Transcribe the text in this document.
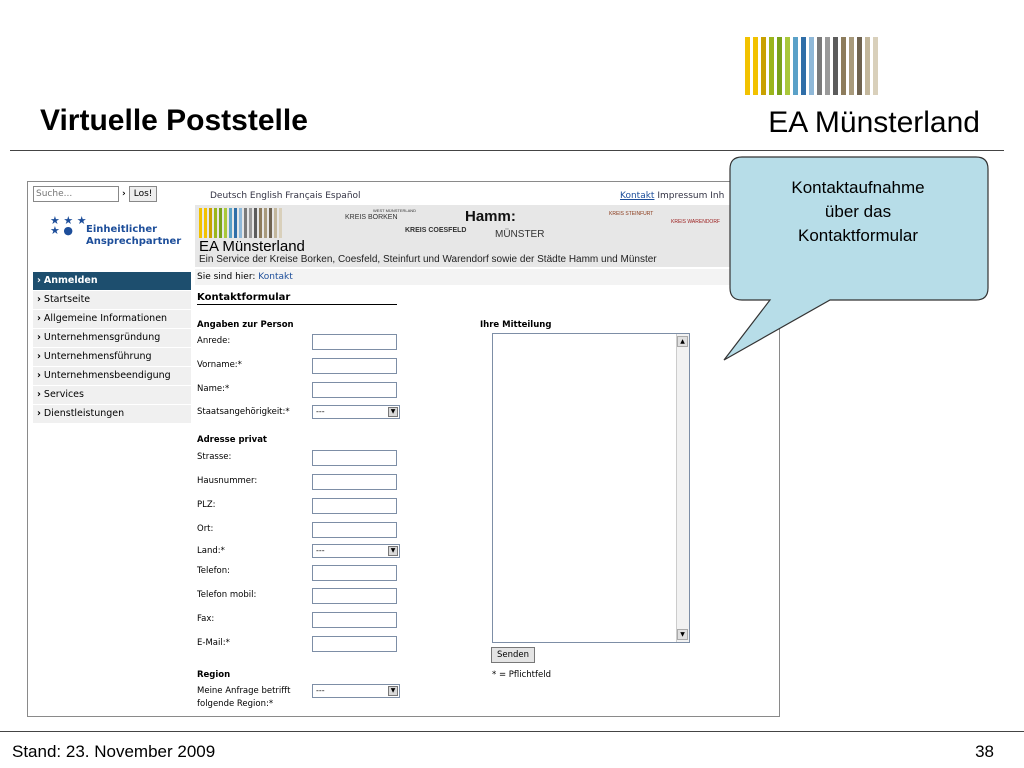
Virtuelle Poststelle	EA Münsterland
Suche...
› Los!
★ ★ ★
★ ●	Einheitlicher
Ansprechpartner
Deutsch English Français Español	Kontakt Impressum Inh
EA Münsterland
Ein Service der Kreise Borken, Coesfeld, Steinfurt und Warendorf sowie der Städte Hamm und Münster
WEST MÜNSTERLAND
KREIS BORKEN
KREIS COESFELD
Hamm:
MÜNSTER
KREIS STEINFURT
KREIS WARENDORF
› Anmelden
› Startseite
› Allgemeine Informationen
› Unternehmensgründung
› Unternehmensführung
› Unternehmensbeendigung
› Services
› Dienstleistungen
Sie sind hier: Kontakt
Kontaktformular
Angaben zur Person
Anrede:
Vorname:*
Name:*
Staatsangehörigkeit:*	---	▼
Adresse privat
Strasse:
Hausnummer:
PLZ:
Ort:
Land:*	---	▼
Telefon:
Telefon mobil:
Fax:
E-Mail:*
Region
Meine Anfrage betrifft
folgende Region:*
---	▼
Ihre Mitteilung
▲
▼
Senden
* = Pflichtfeld
Kontaktaufnahme
über das
Kontaktformular
Stand: 23. November 2009	38
